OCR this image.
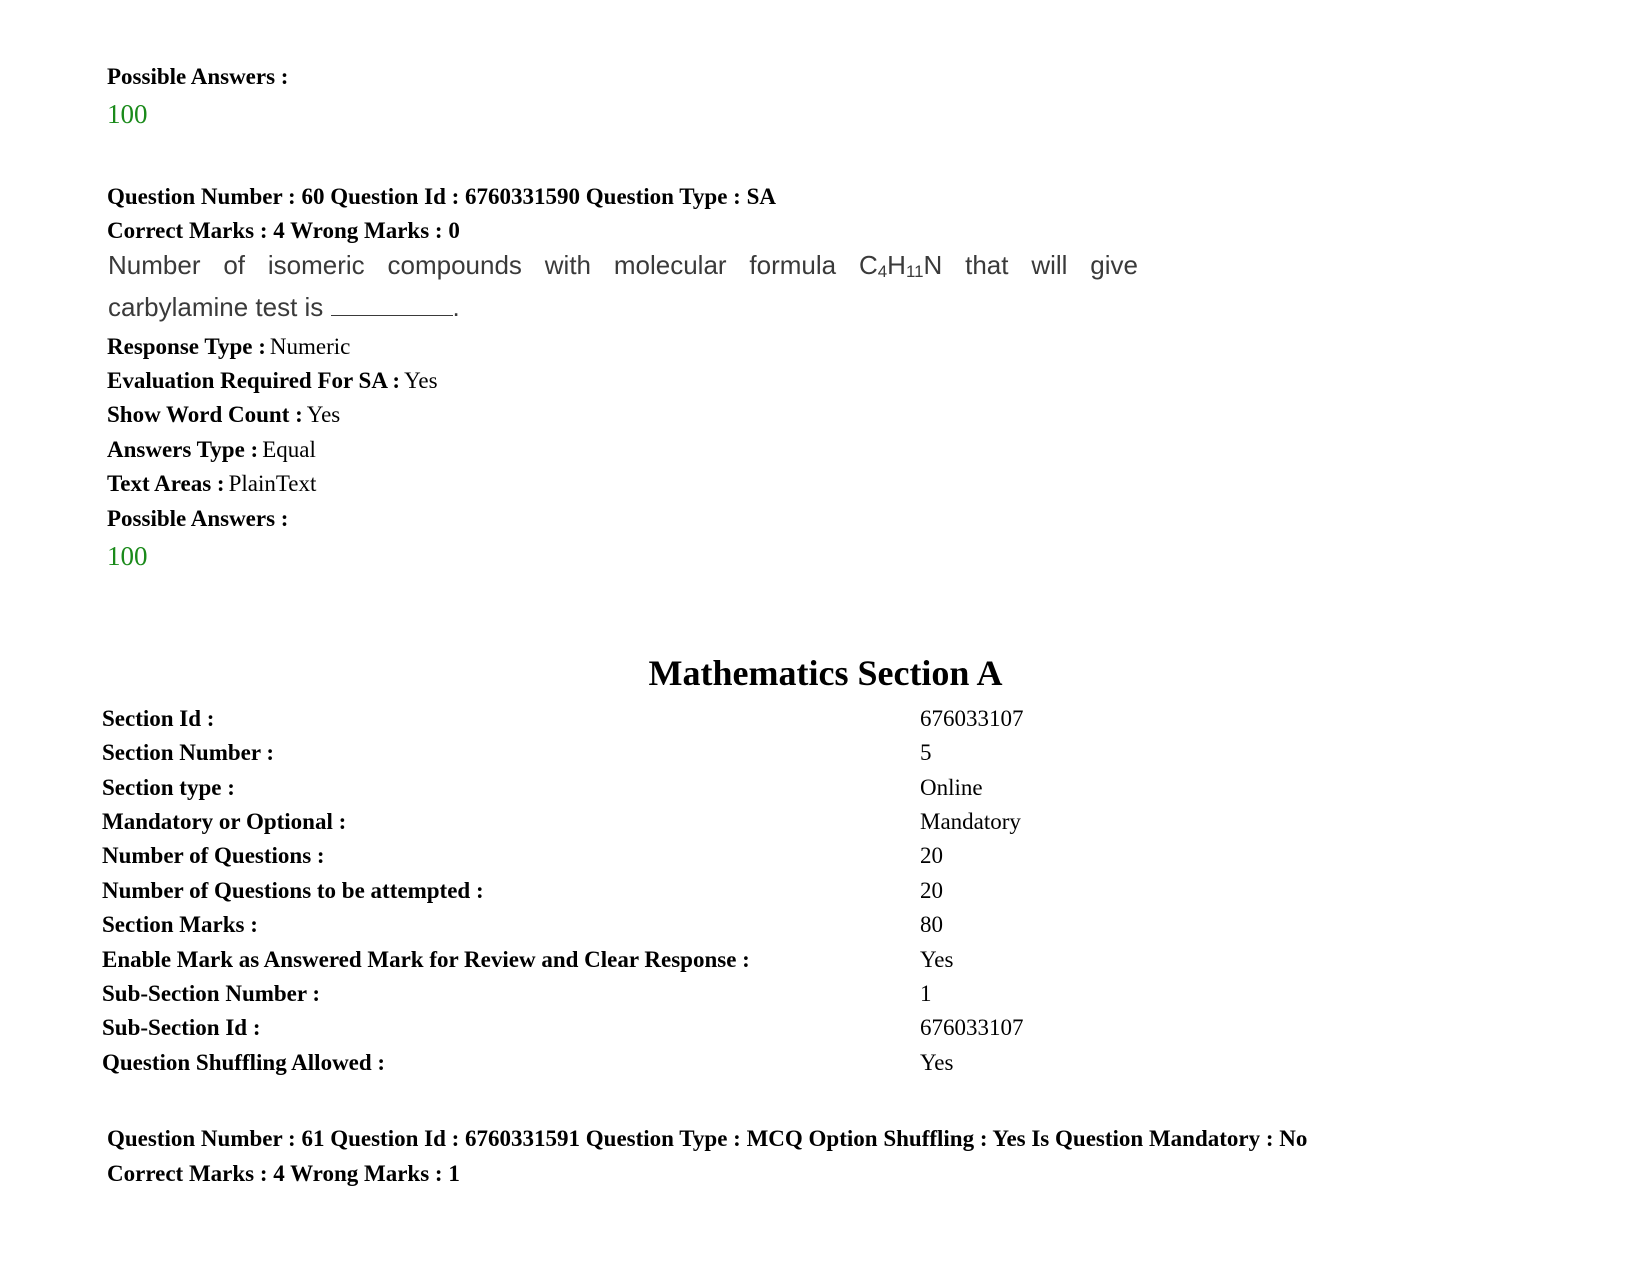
Possible Answers :
100
Question Number : 60 Question Id : 6760331590 Question Type : SA
Correct Marks : 4 Wrong Marks : 0
Number of isomeric compounds with molecular formula $C_4H_{11}N$ that will give
carbylamine test is	.
Response Type : Numeric
Evaluation Required For SA : Yes
Show Word Count : Yes
Answers Type : Equal
Text Areas : PlainText
Possible Answers :
100
Mathematics Section A
Section Id :	676033107
Section Number :	5
Section type :	Online
Mandatory or Optional :	Mandatory
Number of Questions :	20
Number of Questions to be attempted :	20
Section Marks :	80
Enable Mark as Answered Mark for Review and Clear Response :	Yes
Sub-Section Number :	1
Sub-Section Id :	676033107
Question Shuffling Allowed :	Yes
Question Number : 61 Question Id : 6760331591 Question Type : MCQ Option Shuffling : Yes Is Question Mandatory : No
Correct Marks : 4 Wrong Marks : 1
